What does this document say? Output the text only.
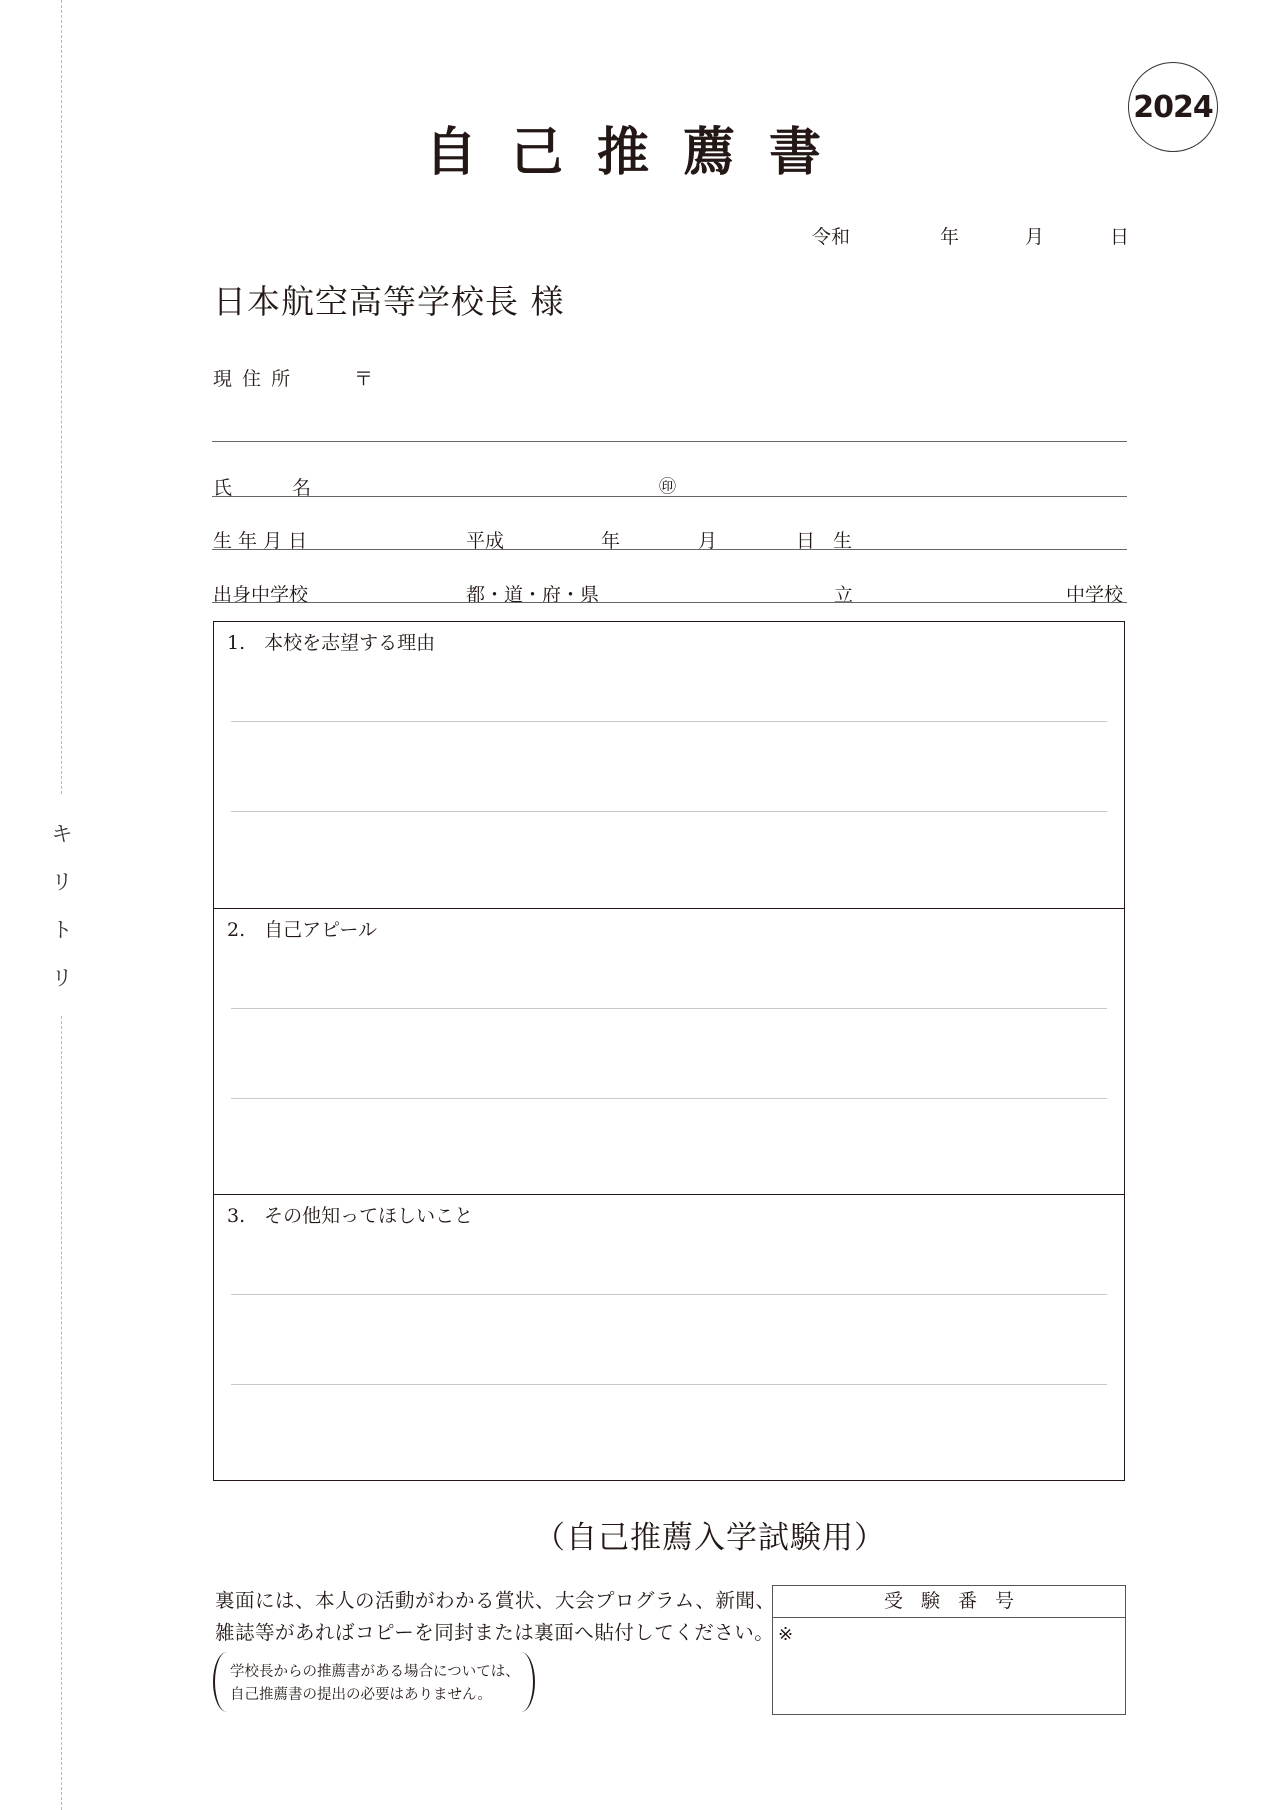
キ
リ
ト
リ
2024
自己推薦書
令和	年	月	日
日本航空高等学校長 様
現 住 所	〒
氏	名	㊞
生 年 月 日	平成	年	月	日 生
出身中学校	都・道・府・県	立	中学校
1.　本校を志望する理由
2.　自己アピール
3.　その他知ってほしいこと
（自己推薦入学試験用）
裏面には、本人の活動がわかる賞状、大会プログラム、新聞、
雑誌等があればコピーを同封または裏面へ貼付してください。
学校長からの推薦書がある場合については、
自己推薦書の提出の必要はありません。
受験番号
※
